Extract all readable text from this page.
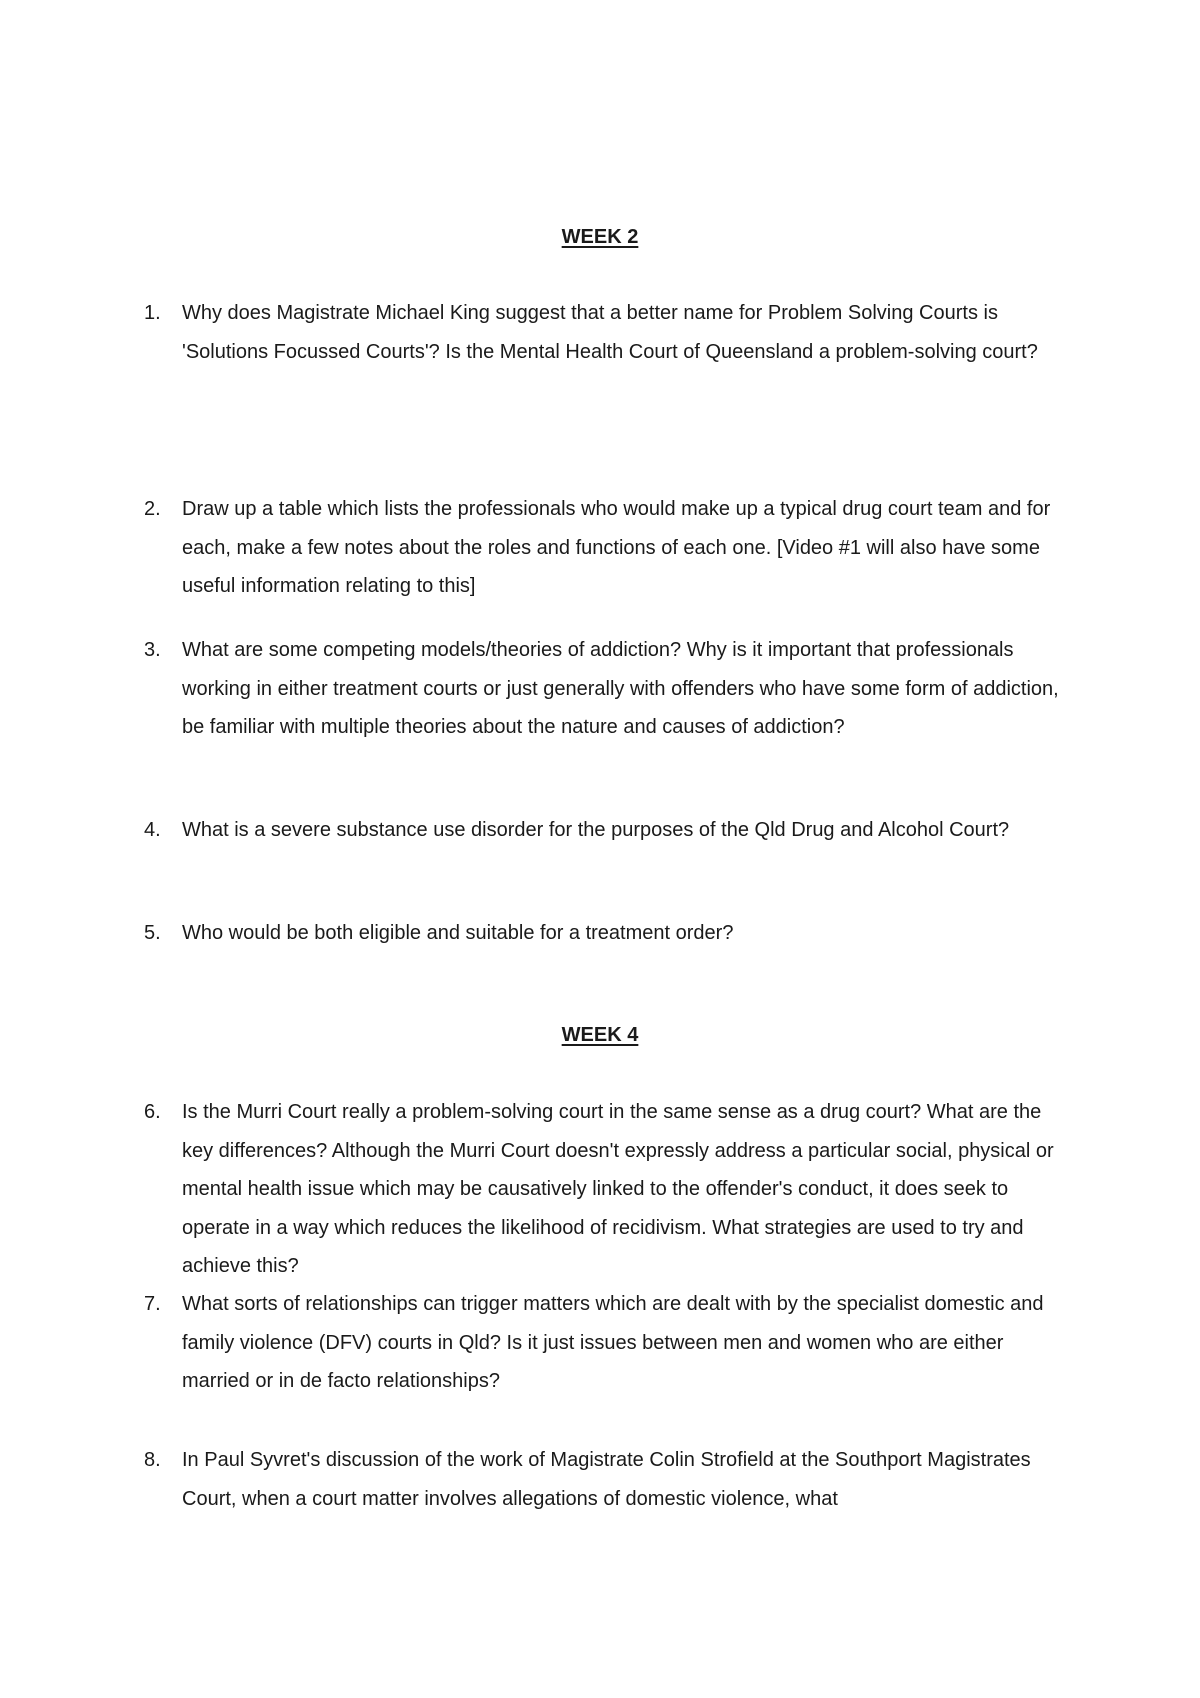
WEEK 2
1. Why does Magistrate Michael King suggest that a better name for Problem Solving Courts is 'Solutions Focussed Courts'? Is the Mental Health Court of Queensland a problem-solving court?
2. Draw up a table which lists the professionals who would make up a typical drug court team and for each, make a few notes about the roles and functions of each one. [Video #1 will also have some useful information relating to this]
3. What are some competing models/theories of addiction? Why is it important that professionals working in either treatment courts or just generally with offenders who have some form of addiction, be familiar with multiple theories about the nature and causes of addiction?
4. What is a severe substance use disorder for the purposes of the Qld Drug and Alcohol Court?
5. Who would be both eligible and suitable for a treatment order?
WEEK 4
6. Is the Murri Court really a problem-solving court in the same sense as a drug court? What are the key differences? Although the Murri Court doesn't expressly address a particular social, physical or mental health issue which may be causatively linked to the offender's conduct, it does seek to operate in a way which reduces the likelihood of recidivism. What strategies are used to try and achieve this?
7. What sorts of relationships can trigger matters which are dealt with by the specialist domestic and family violence (DFV) courts in Qld? Is it just issues between men and women who are either married or in de facto relationships?
8. In Paul Syvret's discussion of the work of Magistrate Colin Strofield at the Southport Magistrates Court, when a court matter involves allegations of domestic violence, what
